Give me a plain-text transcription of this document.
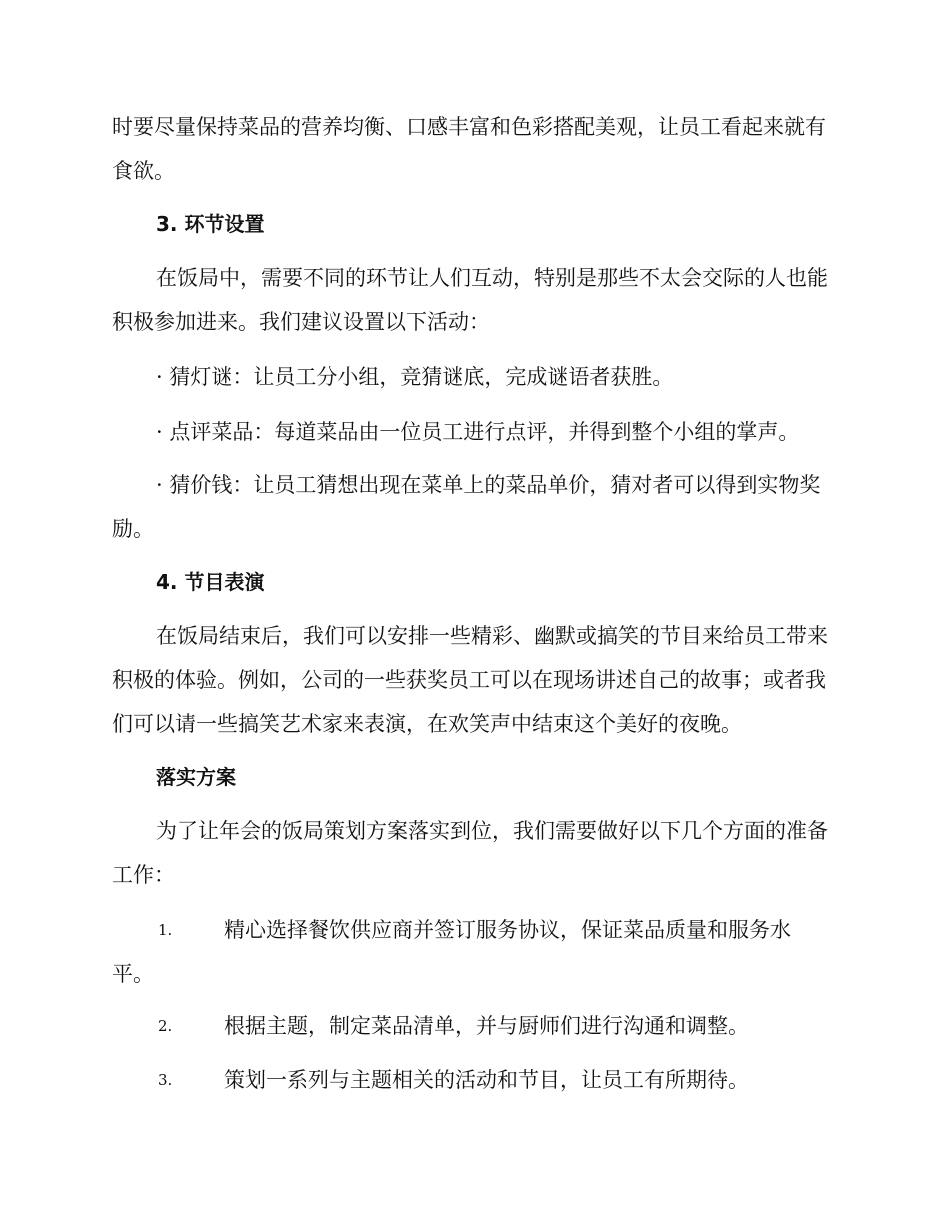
时要尽量保持菜品的营养均衡、口感丰富和色彩搭配美观，让员工看起来就有食欲。

3. 环节设置

在饭局中，需要不同的环节让人们互动，特别是那些不太会交际的人也能积极参加进来。我们建议设置以下活动：

· 猜灯谜：让员工分小组，竞猜谜底，完成谜语者获胜。

· 点评菜品：每道菜品由一位员工进行点评，并得到整个小组的掌声。

· 猜价钱：让员工猜想出现在菜单上的菜品单价，猜对者可以得到实物奖励。

4. 节目表演

在饭局结束后，我们可以安排一些精彩、幽默或搞笑的节目来给员工带来积极的体验。例如，公司的一些获奖员工可以在现场讲述自己的故事；或者我们可以请一些搞笑艺术家来表演，在欢笑声中结束这个美好的夜晚。

落实方案

为了让年会的饭局策划方案落实到位，我们需要做好以下几个方面的准备工作：

1.	精心选择餐饮供应商并签订服务协议，保证菜品质量和服务水平。

2.	根据主题，制定菜品清单，并与厨师们进行沟通和调整。

3.	策划一系列与主题相关的活动和节目，让员工有所期待。
